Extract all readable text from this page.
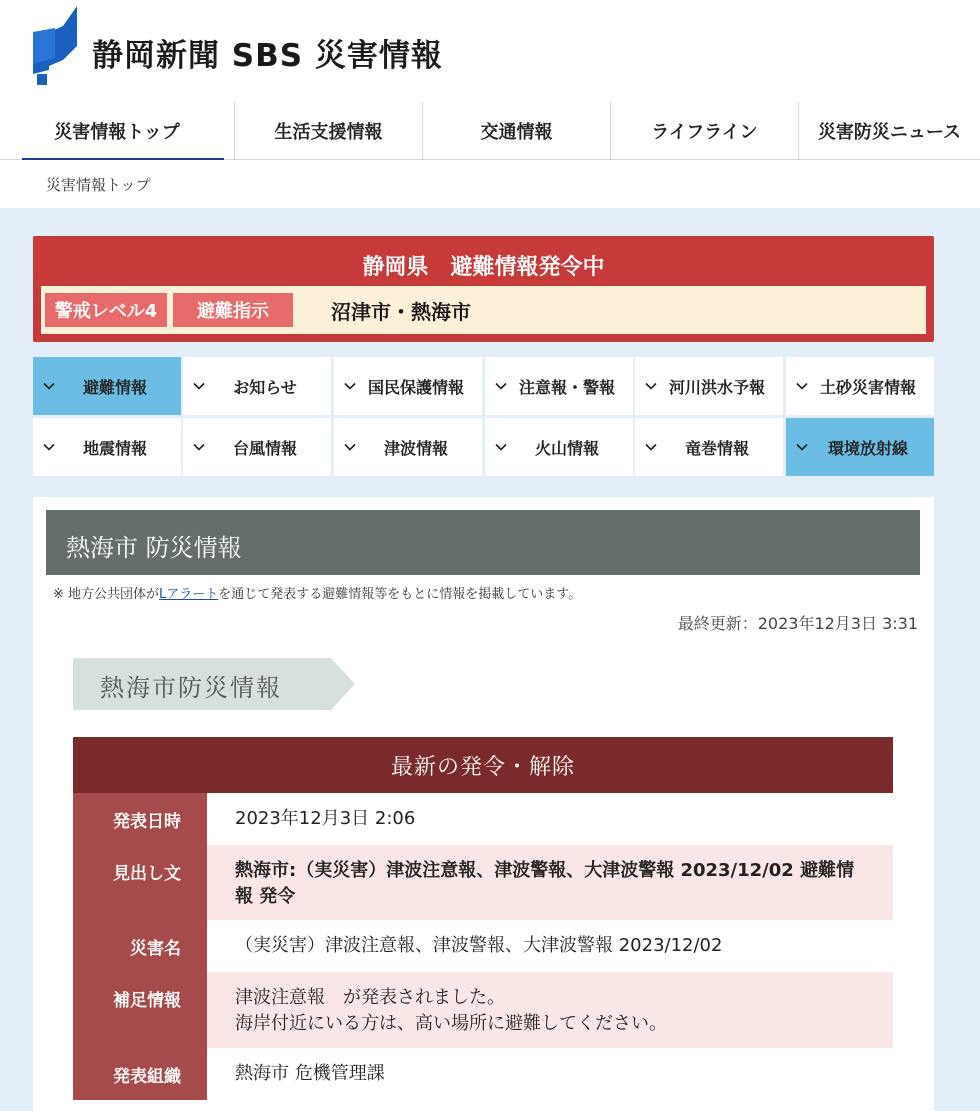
静岡新聞 SBS 災害情報
災害情報トップ	生活支援情報	交通情報	ライフライン	災害防災ニュース
災害情報トップ
静岡県　避難情報発令中
警戒レベル4	避難指示	沼津市・熱海市
避難情報	お知らせ	国民保護情報	注意報・警報	河川洪水予報	土砂災害情報
地震情報	台風情報	津波情報	火山情報	竜巻情報	環境放射線
熱海市 防災情報
※ 地方公共団体がLアラートを通じて発表する避難情報等をもとに情報を掲載しています。
最終更新：2023年12月3日 3:31
熱海市防災情報
最新の発令・解除
発表日時	2023年12月3日 2:06
見出し文	熱海市:（実災害）津波注意報、津波警報、大津波警報 2023/12/02 避難情報 発令
災害名	（実災害）津波注意報、津波警報、大津波警報 2023/12/02
補足情報	津波注意報　が発表されました。
海岸付近にいる方は、高い場所に避難してください。
発表組織	熱海市 危機管理課
